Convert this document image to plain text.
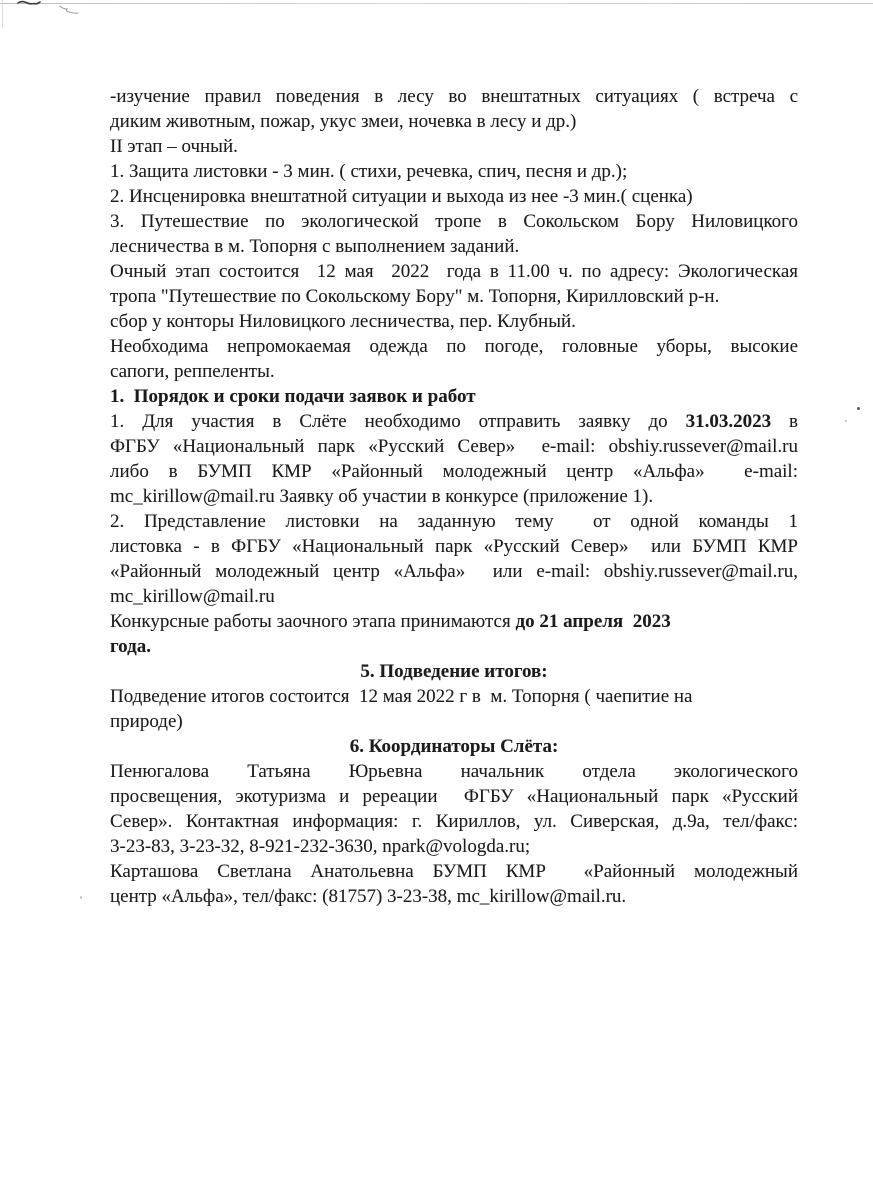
-изучение правил поведения в лесу во внештатных ситуациях ( встреча с

диким животным, пожар, укус змеи, ночевка в лесу и др.)

II этап – очный.

1. Защита листовки - 3 мин. ( стихи, речевка, спич, песня и др.);

2. Инсценировка внештатной ситуации и выхода из нее -3 мин.( сценка)

3. Путешествие по экологической тропе в Сокольском Бору Ниловицкого

лесничества в м. Топорня с выполнением заданий.

Очный этап состоится  12 мая  2022  года в 11.00 ч. по адресу: Экологическая

тропа "Путешествие по Сокольскому Бору" м. Топорня, Кирилловский р-н.

сбор у конторы Ниловицкого лесничества, пер. Клубный.

Необходима непромокаемая одежда по погоде, головные уборы, высокие

сапоги, реппеленты.

1.  Порядок и сроки подачи заявок и работ

1. Для участия в Слёте необходимо отправить заявку до 31.03.2023 в

ФГБУ «Национальный парк «Русский Север»  e-mail: obshiy.russever@mail.ru

либо в БУМП КМР «Районный молодежный центр «Альфа»  e-mail:

mc_kirillow@mail.ru Заявку об участии в конкурсе (приложение 1).

2. Представление листовки на заданную тему  от одной команды 1

листовка - в ФГБУ «Национальный парк «Русский Север»  или БУМП КМР

«Районный молодежный центр «Альфа»  или e-mail: obshiy.russever@mail.ru,

mc_kirillow@mail.ru

Конкурсные работы заочного этапа принимаются до 21 апреля  2023

года.

5. Подведение итогов:

Подведение итогов состоится  12 мая 2022 г в  м. Топорня ( чаепитие на

природе)

6. Координаторы Слёта:

Пенюгалова Татьяна Юрьевна начальник отдела экологического

просвещения, экотуризма и ререации  ФГБУ «Национальный парк «Русский

Север». Контактная информация: г. Кириллов, ул. Сиверская, д.9а, тел/факс:

3-23-83, 3-23-32, 8-921-232-3630, npark@vologda.ru;

Карташова Светлана Анатольевна БУМП КМР  «Районный молодежный

центр «Альфа», тел/факс: (81757) 3-23-38, mc_kirillow@mail.ru.
